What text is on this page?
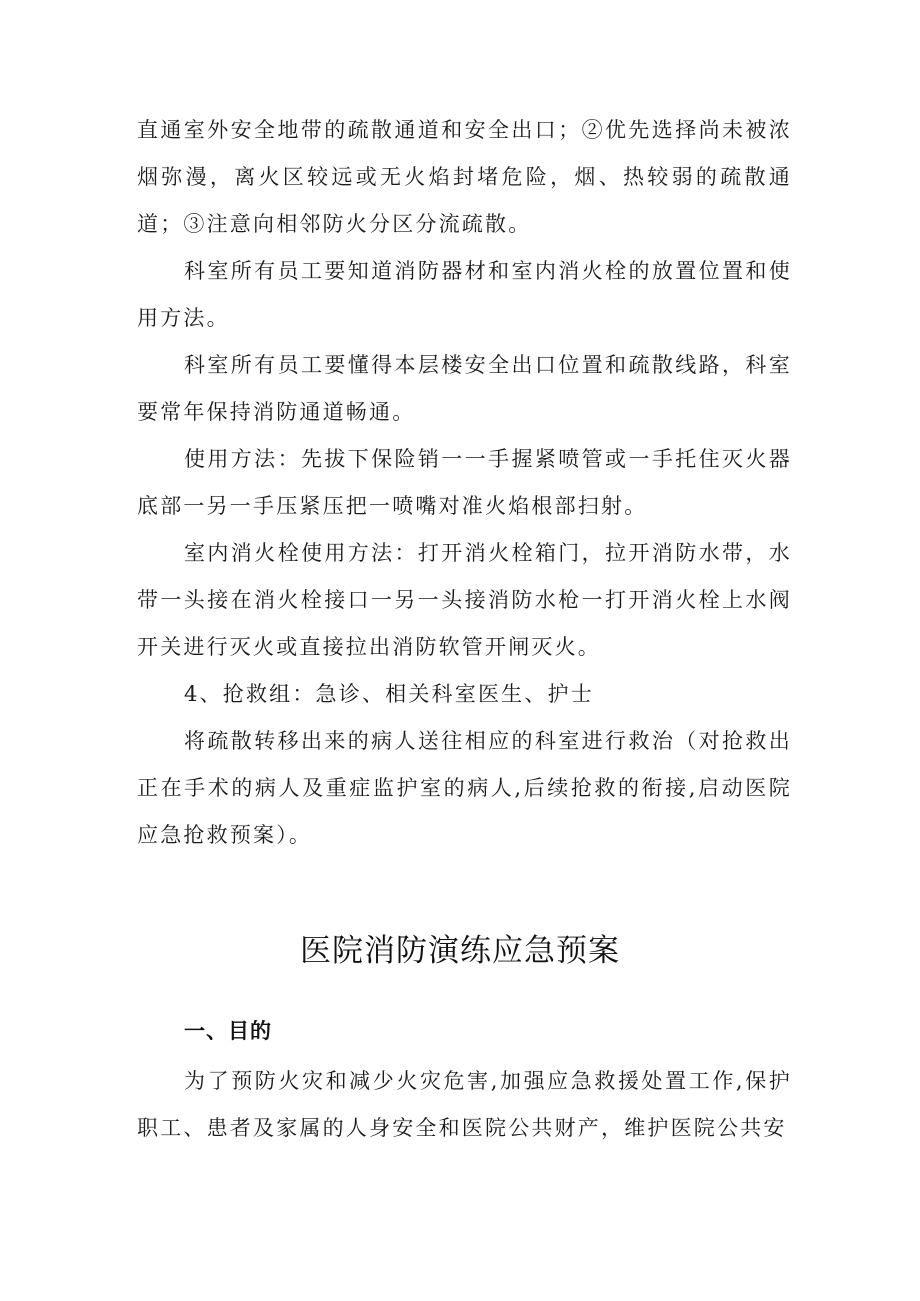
直通室外安全地带的疏散通道和安全出口；②优先选择尚未被浓烟弥漫，离火区较远或无火焰封堵危险，烟、热较弱的疏散通道；③注意向相邻防火分区分流疏散。

科室所有员工要知道消防器材和室内消火栓的放置位置和使用方法。

科室所有员工要懂得本层楼安全出口位置和疏散线路，科室要常年保持消防通道畅通。

使用方法：先拔下保险销一一手握紧喷管或一手托住灭火器底部一另一手压紧压把一喷嘴对准火焰根部扫射。

室内消火栓使用方法：打开消火栓箱门，拉开消防水带，水带一头接在消火栓接口一另一头接消防水枪一打开消火栓上水阀开关进行灭火或直接拉出消防软管开闸灭火。

4、抢救组：急诊、相关科室医生、护士

将疏散转移出来的病人送往相应的科室进行救治（对抢救出正在手术的病人及重症监护室的病人,后续抢救的衔接,启动医院应急抢救预案）。

医院消防演练应急预案
一、目的

为了预防火灾和减少火灾危害,加强应急救援处置工作,保护职工、患者及家属的人身安全和医院公共财产，维护医院公共安
